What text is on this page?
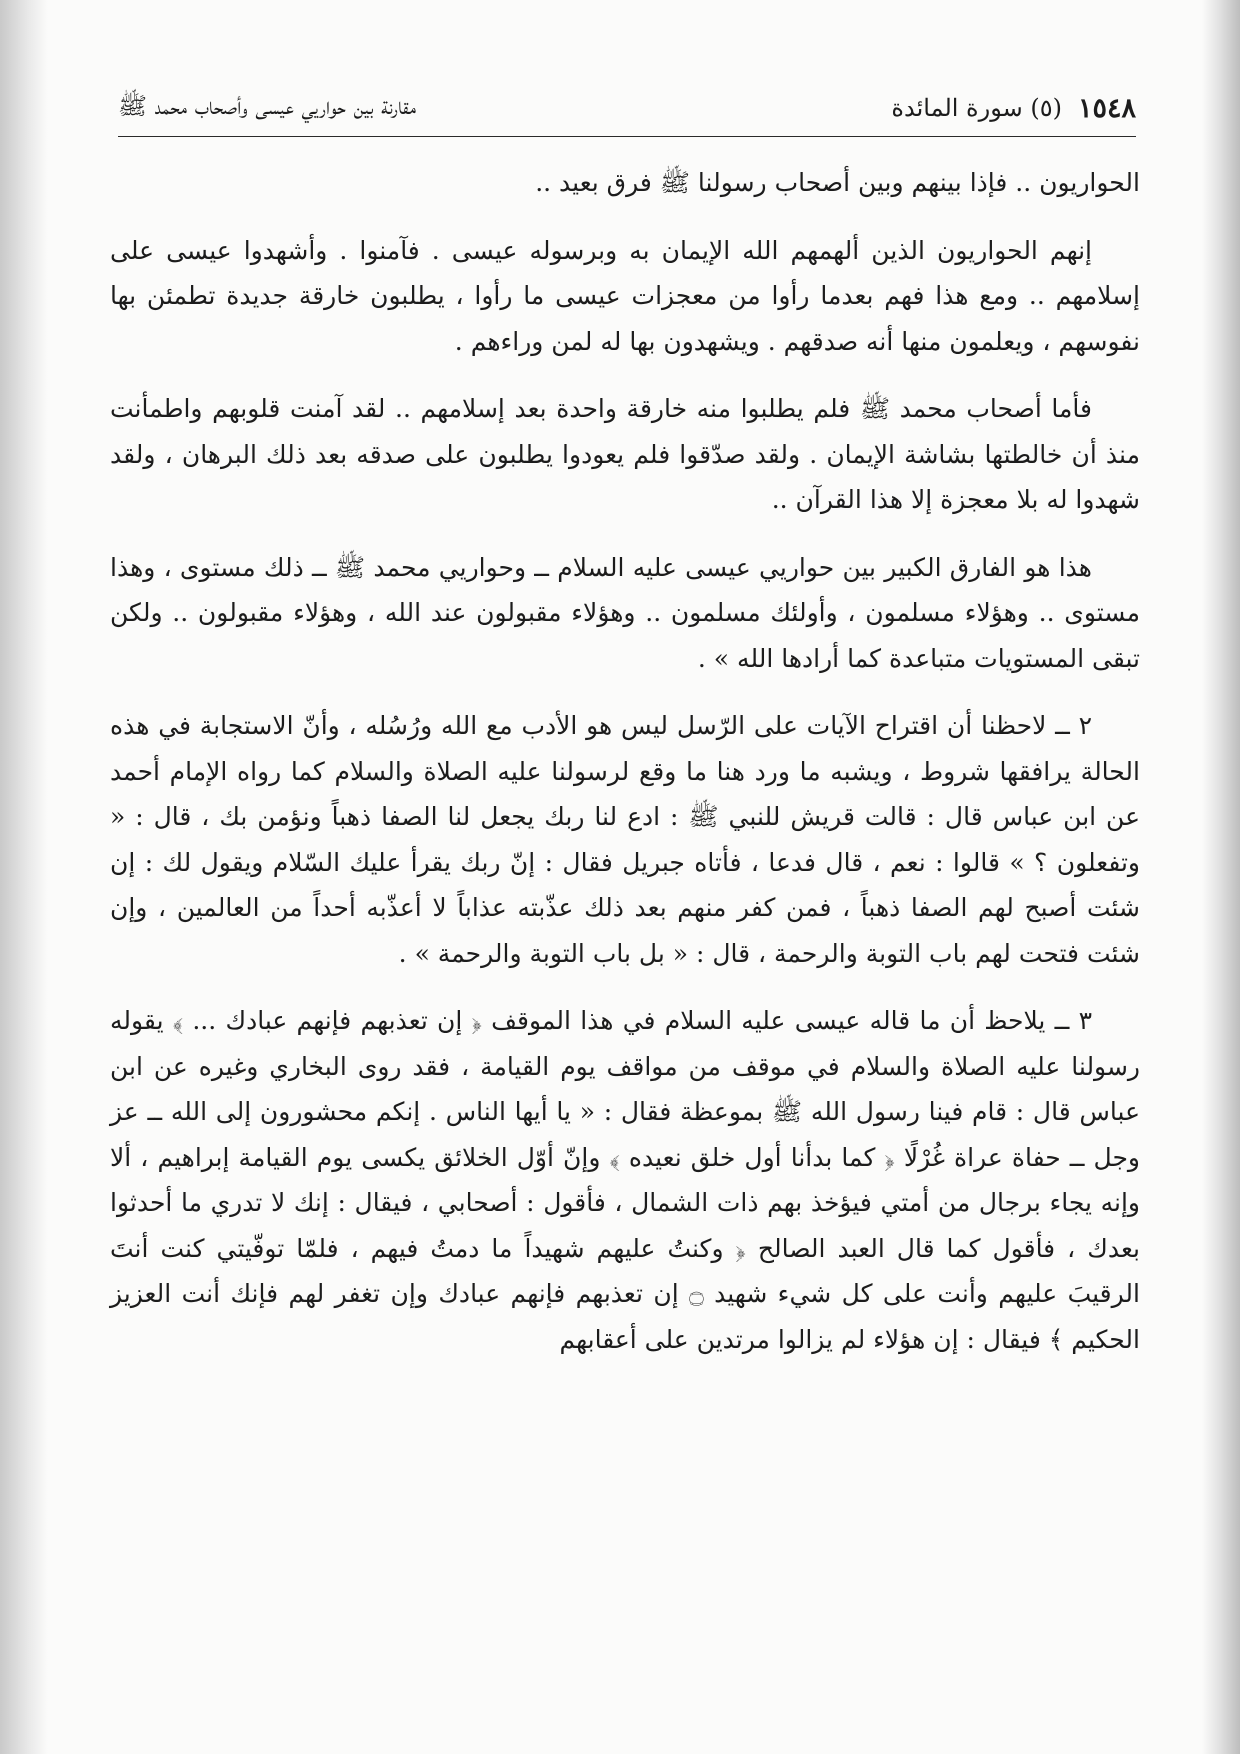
١٥٤٨
(٥) سورة المائدة
مقارنة بين حواريي عيسى وأصحاب محمد ﷺ

الحواريون .. فإذا بينهم وبين أصحاب رسولنا ﷺ فرق بعيد ..

إنهم الحواريون الذين ألهمهم الله الإيمان به وبرسوله عيسى . فآمنوا . وأشهدوا عيسى على إسلامهم .. ومع هذا فهم بعدما رأوا من معجزات عيسى ما رأوا ، يطلبون خارقة جديدة تطمئن بها نفوسهم ، ويعلمون منها أنه صدقهم . ويشهدون بها له لمن وراءهم .

فأما أصحاب محمد ﷺ فلم يطلبوا منه خارقة واحدة بعد إسلامهم .. لقد آمنت قلوبهم واطمأنت منذ أن خالطتها بشاشة الإيمان . ولقد صدّقوا فلم يعودوا يطلبون على صدقه بعد ذلك البرهان ، ولقد شهدوا له بلا معجزة إلا هذا القرآن ..

هذا هو الفارق الكبير بين حواريي عيسى عليه السلام ــ وحواريي محمد ﷺ ــ ذلك مستوى ، وهذا مستوى .. وهؤلاء مسلمون ، وأولئك مسلمون .. وهؤلاء مقبولون عند الله ، وهؤلاء مقبولون .. ولكن تبقى المستويات متباعدة كما أرادها الله » .

٢ ــ لاحظنا أن اقتراح الآيات على الرّسل ليس هو الأدب مع الله ورُسُله ، وأنّ الاستجابة في هذه الحالة يرافقها شروط ، ويشبه ما ورد هنا ما وقع لرسولنا عليه الصلاة والسلام كما رواه الإمام أحمد عن ابن عباس قال : قالت قريش للنبي ﷺ : ادع لنا ربك يجعل لنا الصفا ذهباً ونؤمن بك ، قال : « وتفعلون ؟ » قالوا : نعم ، قال فدعا ، فأتاه جبريل فقال : إنّ ربك يقرأ عليك السّلام ويقول لك : إن شئت أصبح لهم الصفا ذهباً ، فمن كفر منهم بعد ذلك عذّبته عذاباً لا أعذّبه أحداً من العالمين ، وإن شئت فتحت لهم باب التوبة والرحمة ، قال : « بل باب التوبة والرحمة » .

٣ ــ يلاحظ أن ما قاله عيسى عليه السلام في هذا الموقف ﴿ إن تعذبهم فإنهم عبادك ... ﴾ يقوله رسولنا عليه الصلاة والسلام في موقف من مواقف يوم القيامة ، فقد روى البخاري وغيره عن ابن عباس قال : قام فينا رسول الله ﷺ بموعظة فقال : « يا أيها الناس . إنكم محشورون إلى الله ــ عز وجل ــ حفاة عراة غُرْلًا ﴿ كما بدأنا أول خلق نعيده ﴾ وإنّ أوّل الخلائق يكسى يوم القيامة إبراهيم ، ألا وإنه يجاء برجال من أمتي فيؤخذ بهم ذات الشمال ، فأقول : أصحابي ، فيقال : إنك لا تدري ما أحدثوا بعدك ، فأقول كما قال العبد الصالح ﴿ وكنتُ عليهم شهيداً ما دمتُ فيهم ، فلمّا توفّيتي كنت أنتَ الرقيبَ عليهم وأنت على كل شيء شهيد ۝ إن تعذبهم فإنهم عبادك وإن تغفر لهم فإنك أنت العزيز الحكيم ﴾ فيقال : إن هؤلاء لم يزالوا مرتدين على أعقابهم
